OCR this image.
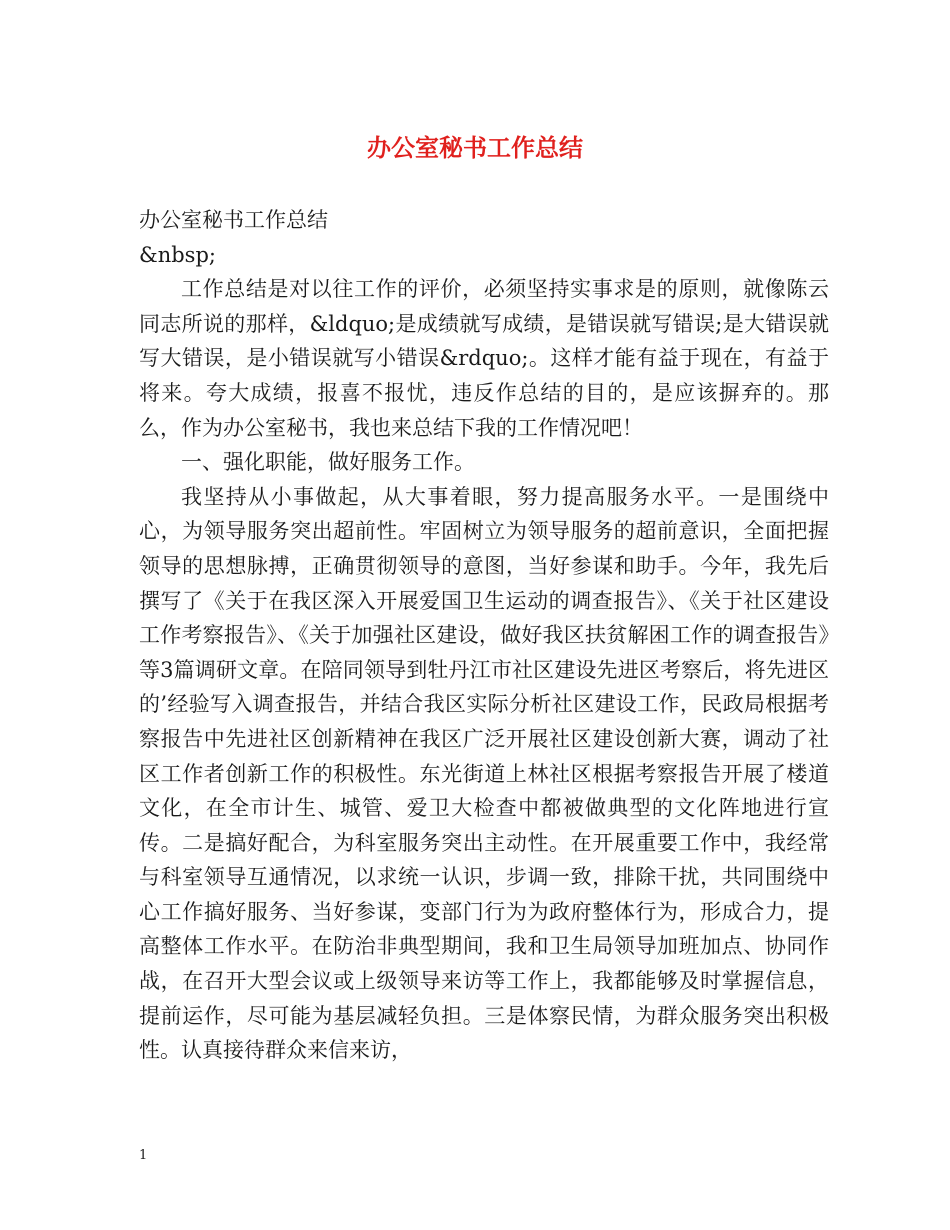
办公室秘书工作总结

办公室秘书工作总结

&nbsp;

工作总结是对以往工作的评价，必须坚持实事求是的原则，就像陈云同志所说的那样，&ldquo;是成绩就写成绩，是错误就写错误;是大错误就写大错误，是小错误就写小错误&rdquo;。这样才能有益于现在，有益于将来。夸大成绩，报喜不报忧，违反作总结的目的，是应该摒弃的。那么，作为办公室秘书，我也来总结下我的工作情况吧！

一、强化职能，做好服务工作。

我坚持从小事做起，从大事着眼，努力提高服务水平。一是围绕中心，为领导服务突出超前性。牢固树立为领导服务的超前意识，全面把握领导的思想脉搏，正确贯彻领导的意图，当好参谋和助手。今年，我先后撰写了《关于在我区深入开展爱国卫生运动的调查报告》、《关于社区建设工作考察报告》、《关于加强社区建设，做好我区扶贫解困工作的调查报告》等3篇调研文章。在陪同领导到牡丹江市社区建设先进区考察后，将先进区的’经验写入调查报告，并结合我区实际分析社区建设工作，民政局根据考察报告中先进社区创新精神在我区广泛开展社区建设创新大赛，调动了社区工作者创新工作的积极性。东光街道上林社区根据考察报告开展了楼道文化，在全市计生、城管、爱卫大检查中都被做典型的文化阵地进行宣传。二是搞好配合，为科室服务突出主动性。在开展重要工作中，我经常与科室领导互通情况，以求统一认识，步调一致，排除干扰，共同围绕中心工作搞好服务、当好参谋，变部门行为为政府整体行为，形成合力，提高整体工作水平。在防治非典型期间，我和卫生局领导加班加点、协同作战，在召开大型会议或上级领导来访等工作上，我都能够及时掌握信息，提前运作，尽可能为基层减轻负担。三是体察民情，为群众服务突出积极性。认真接待群众来信来访，

1
